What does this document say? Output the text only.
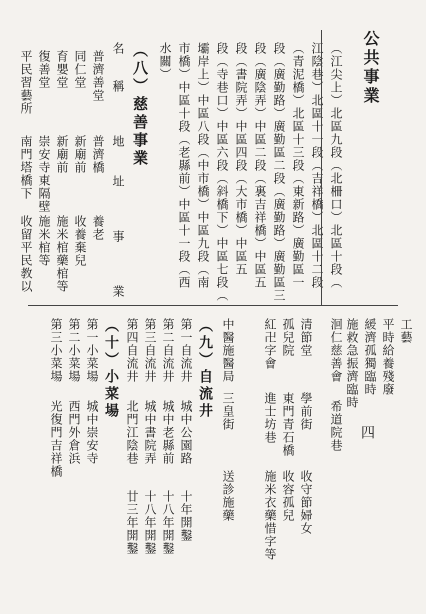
公共事業
四
（江尖上）北區九段（北柵口）北區十段（
江陰巷）北區十一段（吉祥橋）北區十二段
（青泥橋）北區十三段（東新路）廣勤區一
段（廣勤路）廣勤區二段（廣勤路）廣勤區三
段（廣陰弄）中區二段（裏吉祥橋）中區五
段（書院弄）中區四段（大市橋）中區五
段（寺巷口）中區六段（斜橋下）中區七段（
壩岸上）中區八段（中市橋）中區九段（南
市橋）中區十段（老縣前）中區十一段（西
水關）
（八）慈善事業
名
稱
地
址
事
業
普濟善堂
普濟橋
養老
同仁堂
新廟前
收養棄兒
育嬰堂
新廟前
施米棺藥棺等
復善堂
崇安寺東隔壁
施米棺等
平民習藝所
南門塔橋下
收留平民教以
洄仁慈善會
希道院巷
清節堂
學前街
收守節婦女
孤兒院
東門青石橋
收容孤兒
紅卍字會
進士坊巷
施米衣藥惜字等
中醫施醫局
三皇街
送診施藥
工藝
平時給養殘廢
緩濟孤獨臨時
施救急振濟臨時
（九）自流井
第一自流井
城中公園路
十年開鑿
第二自流井
城中老縣前
十八年開鑿
第三自流井
城中書院弄
十八年開鑿
第四自流井
北門江陰巷
廿三年開鑿
（十）小菜場
第一小菜場
城中崇安寺
第二小菜場
西門外倉浜
第三小菜場
光復門吉祥橋
